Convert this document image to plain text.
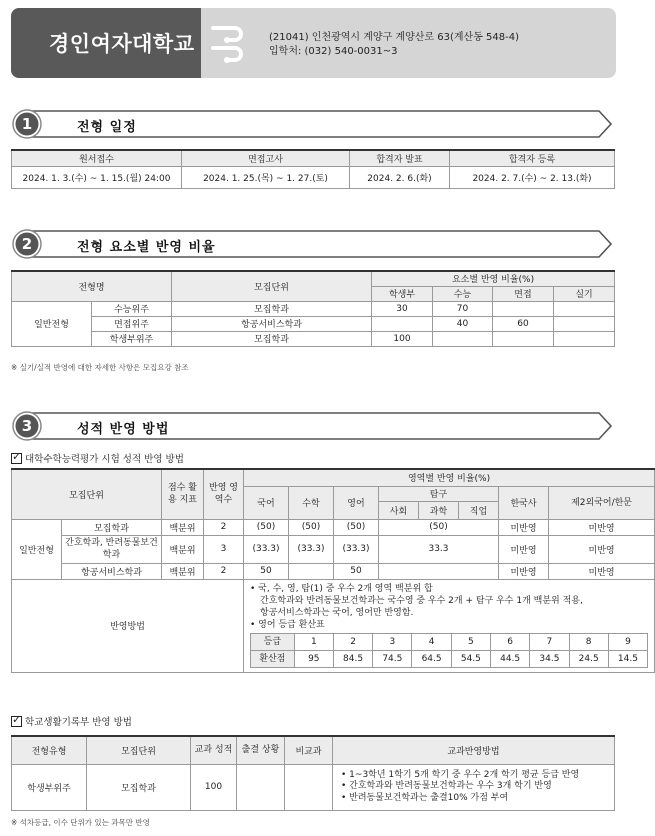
경인여자대학교	(21041) 인천광역시 계양구 계양산로 63(계산동 548-4)
입학처: (032) 540-0031~3
1	전형 일정
원서접수	면접고사	합격자 발표	합격자 등록
2024. 1. 3.(수) ~ 1. 15.(월) 24:00	2024. 1. 25.(목) ~ 1. 27.(토)	2024. 2. 6.(화)	2024. 2. 7.(수) ~ 2. 13.(화)
2	전형 요소별 반영 비율
전형명		모집단위	요소별 반영 비율(%)			
			학생부	수능	면접	실기
일반전형	수능위주	모집학과	30	70		
	면접위주	항공서비스학과		40	60	
	학생부위주	모집학과	100			
※ 실기/실적 반영에 대한 자세한 사항은 모집요강 참조
3	성적 반영 방법
✓대학수학능력평가 시험 성적 반영 방법
모집단위	점수 활용 지표	반영 영역수	영역별 반영 비율(%)
국어	수학	영어	탐구	한국사	제2외국어/한문
사회	과학	직업
일반전형	모집학과	백분위	2	(50)	(50)	(50)	(50)	미반영	미반영
간호학과, 반려동물보건학과	백분위	3	(33.3)	(33.3)	(33.3)	33.3	미반영	미반영
항공서비스학과	백분위	2	50		50		미반영	미반영
반영방법	
• 국, 수, 영, 탐(1) 중 우수 2개 영역 백분위 합
간호학과와 반려동물보건학과는 국수영 중 우수 2개 + 탐구 우수 1개 백분위 적용,
항공서비스학과는 국어, 영어만 반영함.
• 영어 등급 환산표
등급	1	2	3	4	5	6	7	8	9
환산점	95	84.5	74.5	64.5	54.5	44.5	34.5	24.5	14.5
✓학교생활기록부 반영 방법
전형유형	모집단위	교과 성적	출결 상황	비교과	교과반영방법
학생부위주	모집학과	100			• 1~3학년 1학기 5개 학기 중 우수 2개 학기 평균 등급 반영
• 간호학과와 반려동물보건학과는 우수 3개 학기 반영
• 반려동물보건학과는 출결10% 가점 부여
※ 석차등급, 이수 단위가 있는 과목만 반영
